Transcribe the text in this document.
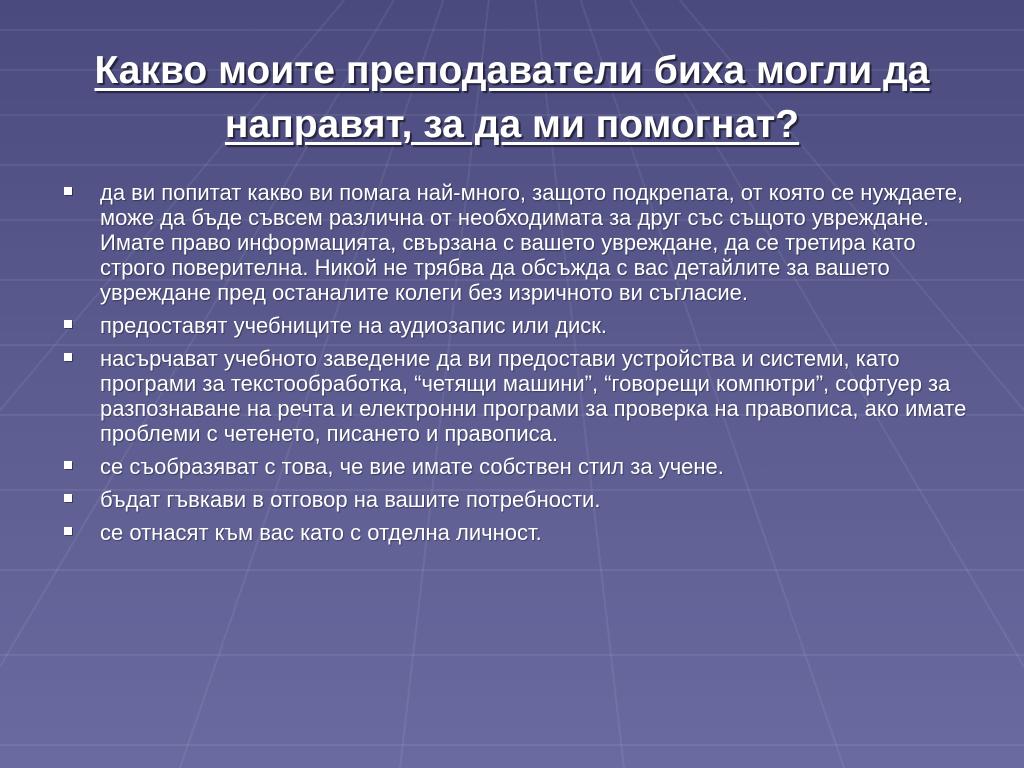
Какво моите преподаватели биха могли да направят, за да ми помогнат?
да ви попитат какво ви помага най-много, защото подкрепата, от която се нуждаете, може да бъде съвсем различна от необходимата за друг със същото увреждане.
Имате право информацията, свързана с вашето увреждане, да се третира като строго поверителна. Никой не трябва да обсъжда с вас детайлите за вашето увреждане пред останалите колеги без изричното ви съгласие.
предоставят учебниците на аудиозапис или диск.
насърчават учебното заведение да ви предостави устройства и системи, като програми за текстообработка, “четящи машини”, “говорещи компютри”, софтуер за разпознаване на речта и електронни програми за проверка на правописа, ако имате проблеми с четенето, писането и правописа.
се съобразяват с това, че вие имате собствен стил за учене.
бъдат гъвкави в отговор на вашите потребности.
се отнасят към вас като с отделна личност.
